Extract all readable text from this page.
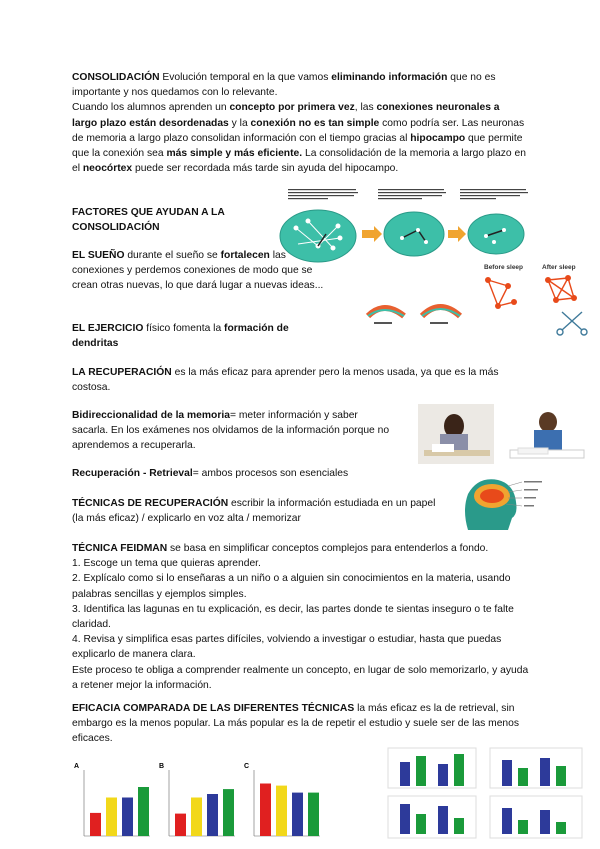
CONSOLIDACIÓN Evolución temporal en la que vamos eliminando información que no es importante y nos quedamos con lo relevante.

Cuando los alumnos aprenden un concepto por primera vez, las conexiones neuronales a largo plazo están desordenadas y la conexión no es tan simple como podría ser. Las neuronas de memoria a largo plazo consolidan información con el tiempo gracias al hipocampo que permite que la conexión sea más simple y más eficiente. La consolidación de la memoria a largo plazo en el neocórtex puede ser recordada más tarde sin ayuda del hipocampo.

FACTORES QUE AYUDAN A LA CONSOLIDACIÓN
EL SUEÑO durante el sueño se fortalecen las conexiones y perdemos conexiones de modo que se crean otras nuevas, lo que dará lugar a nuevas ideas...
EL EJERCICIO físico fomenta la formación de dendritas
LA RECUPERACIÓN es la más eficaz para aprender pero la menos usada, ya que es la más costosa.
Bidireccionalidad de la memoria= meter información y saber sacarla. En los exámenes nos olvidamos de la información porque no aprendemos a recuperarla.
Recuperación - Retrieval= ambos procesos son esenciales
TÉCNICAS DE RECUPERACIÓN escribir la información estudiada en un papel (la más eficaz) / explicarlo en voz alta / memorizar

TÉCNICA FEIDMAN se basa en simplificar conceptos complejos para entenderlos a fondo.

1. Escoge un tema que quieras aprender.

2. Explícalo como si lo enseñaras a un niño o a alguien sin conocimientos en la materia, usando palabras sencillas y ejemplos simples.

3. Identifica las lagunas en tu explicación, es decir, las partes donde te sientas inseguro o te falte claridad.

4. Revisa y simplifica esas partes difíciles, volviendo a investigar o estudiar, hasta que puedas explicarlo de manera clara.

Este proceso te obliga a comprender realmente un concepto, en lugar de solo memorizarlo, y ayuda a retener mejor la información.

EFICACIA COMPARADA DE LAS DIFERENTES TÉCNICAS la más eficaz es la de retrieval, sin embargo es la menos popular. La más popular es la de repetir el estudio y suele ser de las menos eficaces.
Before sleep	After sleep
A	B	C
